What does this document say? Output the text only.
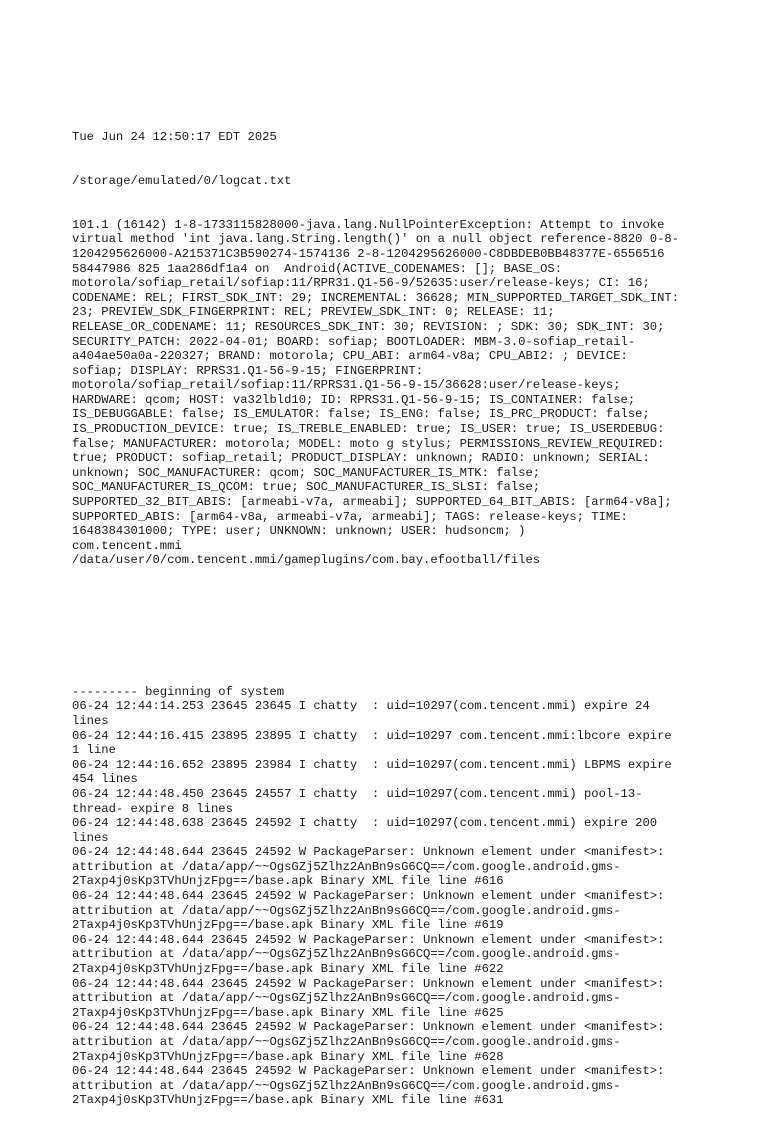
Tue Jun 24 12:50:17 EDT 2025

/storage/emulated/0/logcat.txt

101.1 (16142) 1-8-1733115828000-java.lang.NullPointerException: Attempt to invoke
virtual method 'int java.lang.String.length()' on a null object reference-8820 0-8-
1204295626000-A215371C3B590274-1574136 2-8-1204295626000-C8DBDEB0BB48377E-6556516
58447986 825 1aa286df1a4 on  Android(ACTIVE_CODENAMES: []; BASE_OS:
motorola/sofiap_retail/sofiap:11/RPR31.Q1-56-9/52635:user/release-keys; CI: 16;
CODENAME: REL; FIRST_SDK_INT: 29; INCREMENTAL: 36628; MIN_SUPPORTED_TARGET_SDK_INT:
23; PREVIEW_SDK_FINGERPRINT: REL; PREVIEW_SDK_INT: 0; RELEASE: 11;
RELEASE_OR_CODENAME: 11; RESOURCES_SDK_INT: 30; REVISION: ; SDK: 30; SDK_INT: 30;
SECURITY_PATCH: 2022-04-01; BOARD: sofiap; BOOTLOADER: MBM-3.0-sofiap_retail-
a404ae50a0a-220327; BRAND: motorola; CPU_ABI: arm64-v8a; CPU_ABI2: ; DEVICE:
sofiap; DISPLAY: RPRS31.Q1-56-9-15; FINGERPRINT:
motorola/sofiap_retail/sofiap:11/RPRS31.Q1-56-9-15/36628:user/release-keys;
HARDWARE: qcom; HOST: va32lbld10; ID: RPRS31.Q1-56-9-15; IS_CONTAINER: false;
IS_DEBUGGABLE: false; IS_EMULATOR: false; IS_ENG: false; IS_PRC_PRODUCT: false;
IS_PRODUCTION_DEVICE: true; IS_TREBLE_ENABLED: true; IS_USER: true; IS_USERDEBUG:
false; MANUFACTURER: motorola; MODEL: moto g stylus; PERMISSIONS_REVIEW_REQUIRED:
true; PRODUCT: sofiap_retail; PRODUCT_DISPLAY: unknown; RADIO: unknown; SERIAL:
unknown; SOC_MANUFACTURER: qcom; SOC_MANUFACTURER_IS_MTK: false;
SOC_MANUFACTURER_IS_QCOM: true; SOC_MANUFACTURER_IS_SLSI: false;
SUPPORTED_32_BIT_ABIS: [armeabi-v7a, armeabi]; SUPPORTED_64_BIT_ABIS: [arm64-v8a];
SUPPORTED_ABIS: [arm64-v8a, armeabi-v7a, armeabi]; TAGS: release-keys; TIME:
1648384301000; TYPE: user; UNKNOWN: unknown; USER: hudsoncm; )
com.tencent.mmi
/data/user/0/com.tencent.mmi/gameplugins/com.bay.efootball/files

--------- beginning of system
06-24 12:44:14.253 23645 23645 I chatty  : uid=10297(com.tencent.mmi) expire 24
lines
06-24 12:44:16.415 23895 23895 I chatty  : uid=10297 com.tencent.mmi:lbcore expire
1 line
06-24 12:44:16.652 23895 23984 I chatty  : uid=10297(com.tencent.mmi) LBPMS expire
454 lines
06-24 12:44:48.450 23645 24557 I chatty  : uid=10297(com.tencent.mmi) pool-13-
thread- expire 8 lines
06-24 12:44:48.638 23645 24592 I chatty  : uid=10297(com.tencent.mmi) expire 200
lines
06-24 12:44:48.644 23645 24592 W PackageParser: Unknown element under <manifest>:
attribution at /data/app/~~OgsGZj5Zlhz2AnBn9sG6CQ==/com.google.android.gms-
2Taxp4j0sKp3TVhUnjzFpg==/base.apk Binary XML file line #616
06-24 12:44:48.644 23645 24592 W PackageParser: Unknown element under <manifest>:
attribution at /data/app/~~OgsGZj5Zlhz2AnBn9sG6CQ==/com.google.android.gms-
2Taxp4j0sKp3TVhUnjzFpg==/base.apk Binary XML file line #619
06-24 12:44:48.644 23645 24592 W PackageParser: Unknown element under <manifest>:
attribution at /data/app/~~OgsGZj5Zlhz2AnBn9sG6CQ==/com.google.android.gms-
2Taxp4j0sKp3TVhUnjzFpg==/base.apk Binary XML file line #622
06-24 12:44:48.644 23645 24592 W PackageParser: Unknown element under <manifest>:
attribution at /data/app/~~OgsGZj5Zlhz2AnBn9sG6CQ==/com.google.android.gms-
2Taxp4j0sKp3TVhUnjzFpg==/base.apk Binary XML file line #625
06-24 12:44:48.644 23645 24592 W PackageParser: Unknown element under <manifest>:
attribution at /data/app/~~OgsGZj5Zlhz2AnBn9sG6CQ==/com.google.android.gms-
2Taxp4j0sKp3TVhUnjzFpg==/base.apk Binary XML file line #628
06-24 12:44:48.644 23645 24592 W PackageParser: Unknown element under <manifest>:
attribution at /data/app/~~OgsGZj5Zlhz2AnBn9sG6CQ==/com.google.android.gms-
2Taxp4j0sKp3TVhUnjzFpg==/base.apk Binary XML file line #631
